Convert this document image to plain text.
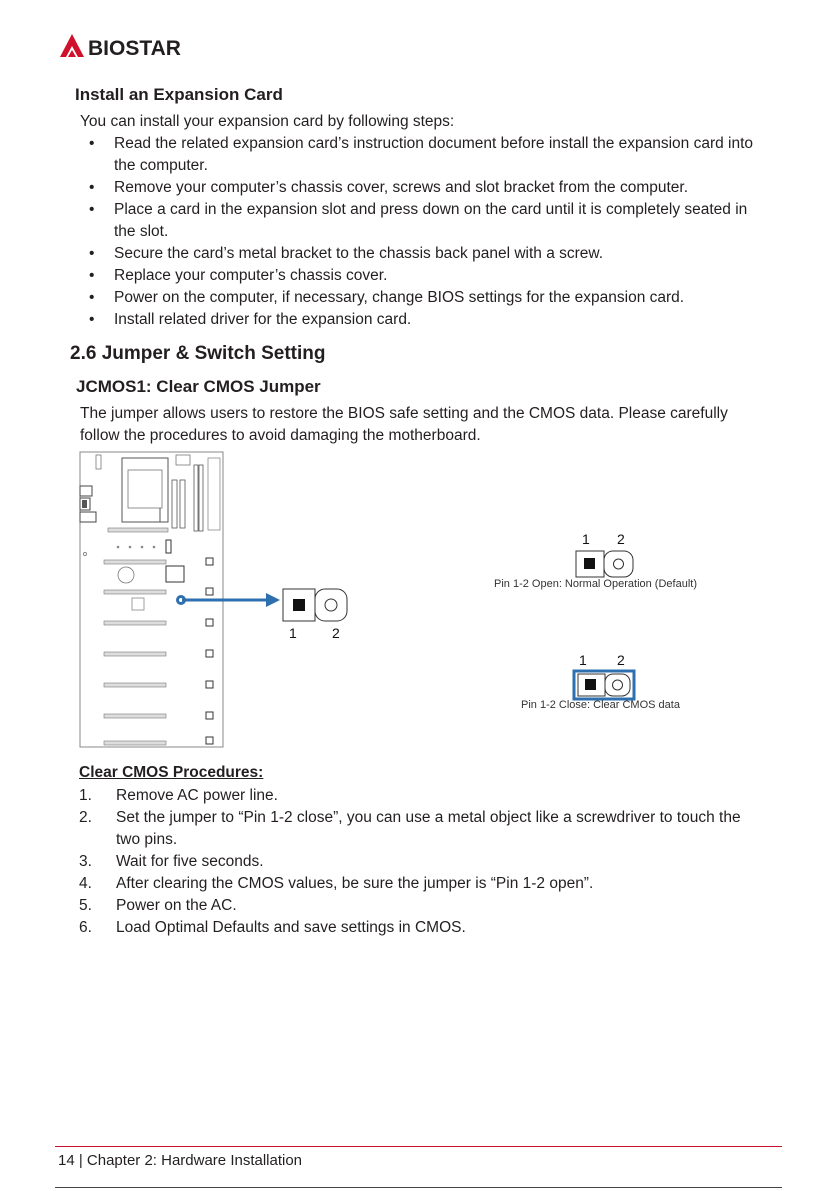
BIOSTAR
Install an Expansion Card
You can install your expansion card by following steps:
• Read the related expansion card’s instruction document before install the expansion card into the computer.
• Remove your computer’s chassis cover, screws and slot bracket from the computer.
• Place a card in the expansion slot and press down on the card until it is completely seated in the slot.
• Secure the card’s metal bracket to the chassis back panel with a screw.
• Replace your computer’s chassis cover.
• Power on the computer, if necessary, change BIOS settings for the expansion card.
• Install related driver for the expansion card.
2.6 Jumper & Switch Setting
JCMOS1: Clear CMOS Jumper
The jumper allows users to restore the BIOS safe setting and the CMOS data. Please carefully follow the procedures to avoid damaging the motherboard.
1	2
1 2
Pin 1-2 Open: Normal Operation (Default)
1 2
Pin 1-2 Close: Clear CMOS data
Clear CMOS Procedures:
1. Remove AC power line.
2. Set the jumper to “Pin 1-2 close”, you can use a metal object like a screwdriver to touch the two pins.
3. Wait for five seconds.
4. After clearing the CMOS values, be sure the jumper is “Pin 1-2 open”.
5. Power on the AC.
6. Load Optimal Defaults and save settings in CMOS.
14 | Chapter 2: Hardware Installation
